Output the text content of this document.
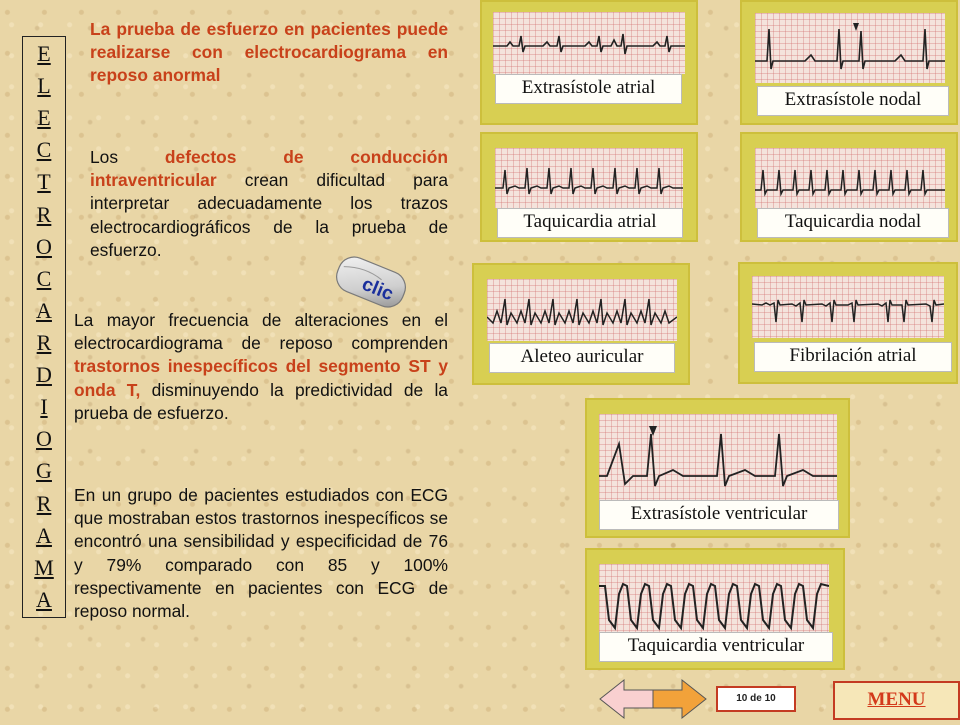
E
L
E
C
T
R
O
C
A
R
D
I
O
G
R
A
M
A

La prueba de esfuerzo en pacientes puede realizarse con electrocardiograma en reposo anormal

Los defectos de conducción intraventricular crean dificultad para interpretar adecuadamente los trazos electrocardiográficos de la prueba de esfuerzo.

La mayor frecuencia de alteraciones en el electrocardiograma de reposo comprenden trastornos inespecíficos del segmento ST y onda T, disminuyendo la predictividad de la prueba de esfuerzo.

En un grupo de pacientes estudiados con ECG que mostraban estos trastornos inespecíficos se encontró una sensibilidad y especificidad de 76 y 79% comparado con 85 y 100% respectivamente en pacientes con ECG de reposo normal.

clic
Extrasístole atrial
Extrasístole nodal
Taquicardia atrial	Taquicardia nodal
Aleteo auricular	Fibrilación atrial
Extrasístole ventricular
Taquicardia ventricular
10 de 10	MENU
